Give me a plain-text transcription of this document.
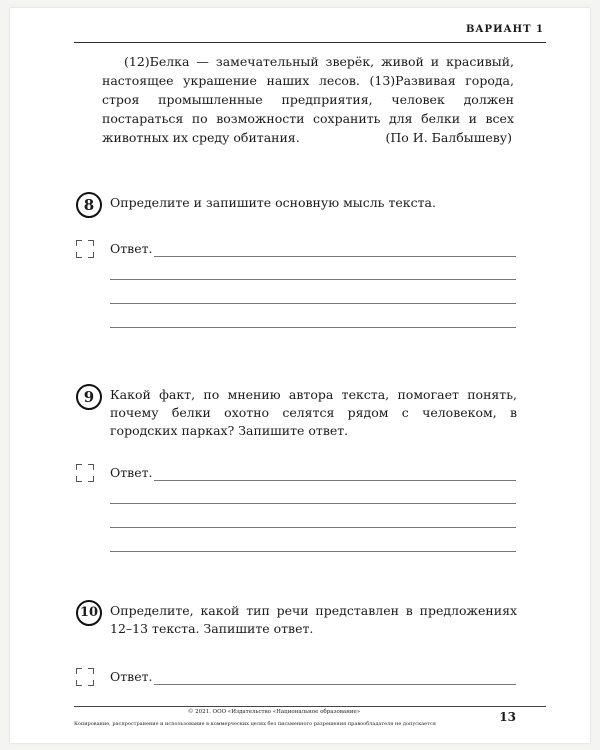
ВАРИАНТ 1
(12)Белка — замечательный зверёк, живой и красивый, настоящее украшение наших лесов. (13)Развивая города, строя промышленные предприятия, человек должен постараться по возможности сохранить для белки и всех животных их среду обитания.	(По И. Балбышеву)
8	Определите и запишите основную мысль текста.
Ответ.
9	Какой факт, по мнению автора текста, помогает понять, почему белки охотно селятся рядом с человеком, в городских парках? Запишите ответ.
Ответ.
10 Определите, какой тип речи представлен в предложениях 12–13 текста. Запишите ответ.
Ответ.
© 2021. ООО «Издательство «Национальное образование»
Копирование, распространение и использование в коммерческих целях без письменного разрешения правообладателя не допускается	13
